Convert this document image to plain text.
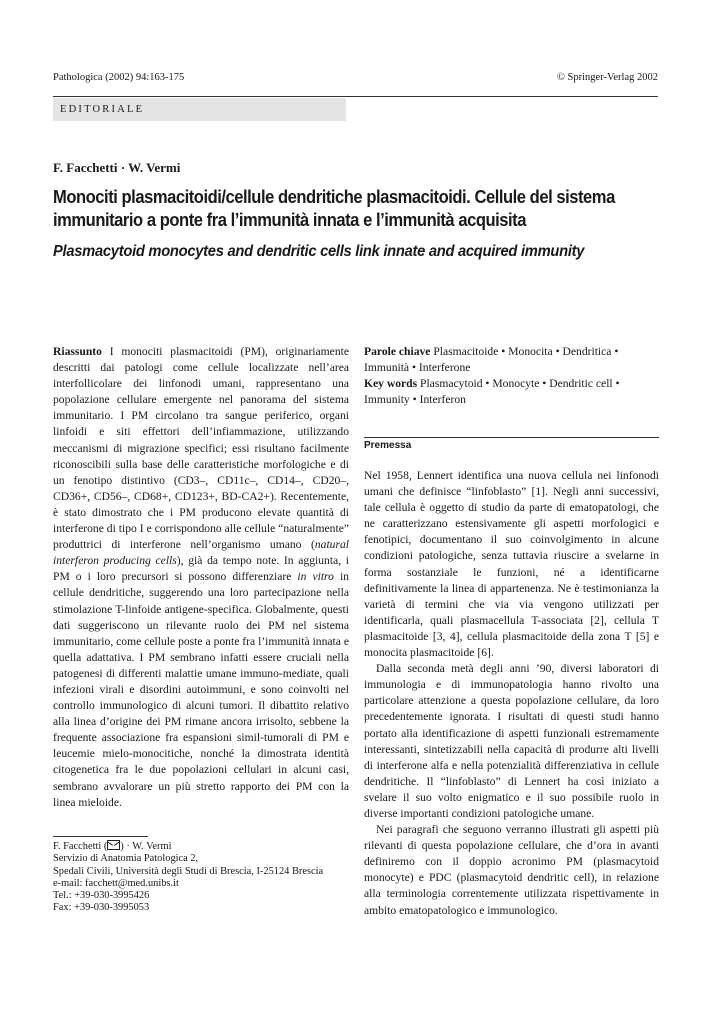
Pathologica (2002) 94:163-175	© Springer-Verlag 2002
EDITORIALE
F. Facchetti · W. Vermi
Monociti plasmacitoidi/cellule dendritiche plasmacitoidi. Cellule del sistema immunitario a ponte fra l’immunità innata e l’immunità acquisita
Plasmacytoid monocytes and dendritic cells link innate and acquired immunity
Riassunto I monociti plasmacitoidi (PM), originariamente descritti dai patologi come cellule localizzate nell’area interfollicolare dei linfonodi umani, rappresentano una popolazione cellulare emergente nel panorama del sistema immunitario. I PM circolano tra sangue periferico, organi linfoidi e siti effettori dell’infiammazione, utilizzando meccanismi di migrazione specifici; essi risultano facilmente riconoscibili sulla base delle caratteristiche morfologiche e di un fenotipo distintivo (CD3–, CD11c–, CD14–, CD20–, CD36+, CD56–, CD68+, CD123+, BD-CA2+). Recentemente, è stato dimostrato che i PM producono elevate quantità di interferone di tipo I e corrispondono alle cellule “naturalmente” produttrici di interferone nell’organismo umano (natural interferon producing cells), già da tempo note. In aggiunta, i PM o i loro precursori si possono differenziare in vitro in cellule dendritiche, suggerendo una loro partecipazione nella stimolazione T-linfoide antigene-specifica. Globalmente, questi dati suggeriscono un rilevante ruolo dei PM nel sistema immunitario, come cellule poste a ponte fra l’immunità innata e quella adattativa. I PM sembrano infatti essere cruciali nella patogenesi di differenti malattie umane immuno-mediate, quali infezioni virali e disordini autoimmuni, e sono coinvolti nel controllo immunologico di alcuni tumori. Il dibattito relativo alla linea d’origine dei PM rimane ancora irrisolto, sebbene la frequente associazione fra espansioni simil-tumorali di PM e leucemie mielo-monocitiche, nonché la dimostrata identità citogenetica fra le due popolazioni cellulari in alcuni casi, sembrano avvalorare un più stretto rapporto dei PM con la linea mieloide.
Parole chiave Plasmacitoide • Monocita • Dendritica • Immunità • Interferone
Key words Plasmacytoid • Monocyte • Dendritic cell • Immunity • Interferon
Premessa

Nel 1958, Lennert identifica una nuova cellula nei linfonodi umani che definisce “linfoblasto” [1]. Negli anni successivi, tale cellula è oggetto di studio da parte di ematopatologi, che ne caratterizzano estensivamente gli aspetti morfologici e fenotipici, documentano il suo coinvolgimento in alcune condizioni patologiche, senza tuttavia riuscire a svelarne in forma sostanziale le funzioni, né a identificarne definitivamente la linea di appartenenza. Ne è testimonianza la varietà di termini che via via vengono utilizzati per identificarla, quali plasmacellula T-associata [2], cellula T plasmacitoide [3, 4], cellula plasmacitoide della zona T [5] e monocita plasmacitoide [6].

Dalla seconda metà degli anni ’90, diversi laboratori di immunologia e di immunopatologia hanno rivolto una particolare attenzione a questa popolazione cellulare, da loro precedentemente ignorata. I risultati di questi studi hanno portato alla identificazione di aspetti funzionali estremamente interessanti, sintetizzabili nella capacità di produrre alti livelli di interferone alfa e nella potenzialità differenziativa in cellule dendritiche. Il “linfoblasto” di Lennert ha così iniziato a svelare il suo volto enigmatico e il suo possibile ruolo in diverse importanti condizioni patologiche umane.

Nei paragrafi che seguono verranno illustrati gli aspetti più rilevanti di questa popolazione cellulare, che d’ora in avanti definiremo con il doppio acronimo PM (plasmacytoid monocyte) e PDC (plasmacytoid dendritic cell), in relazione alla terminologia correntemente utilizzata rispettivamente in ambito ematopatologico e immunologico.

F. Facchetti ( ) · W. Vermi
Servizio di Anatomia Patologica 2,
Spedali Civili, Università degli Studi di Brescia, I-25124 Brescia
e-mail: facchett@med.unibs.it
Tel.: +39-030-3995426
Fax: +39-030-3995053
